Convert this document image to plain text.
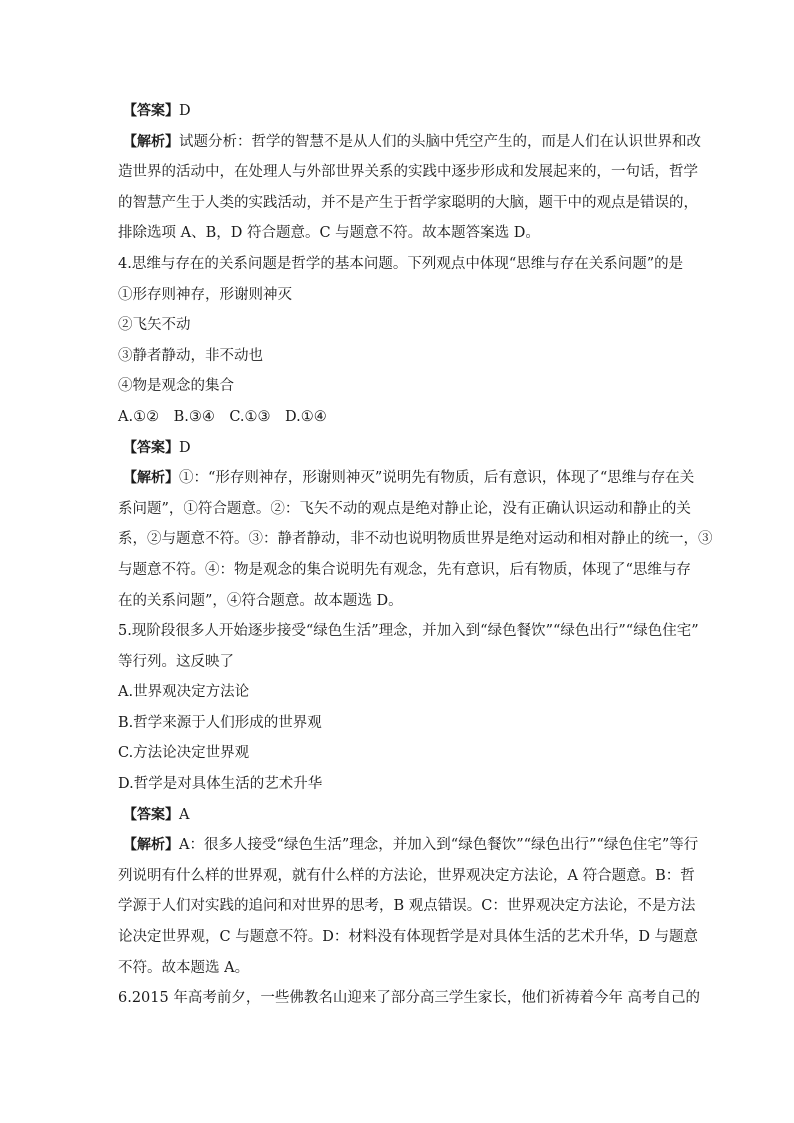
【答案】D
【解析】试题分析：哲学的智慧不是从人们的头脑中凭空产生的，而是人们在认识世界和改
造世界的活动中，在处理人与外部世界关系的实践中逐步形成和发展起来的，一句话，哲学
的智慧产生于人类的实践活动，并不是产生于哲学家聪明的大脑，题干中的观点是错误的，
排除选项 A、B，D 符合题意。C 与题意不符。故本题答案选 D。
4.思维与存在的关系问题是哲学的基本问题。下列观点中体现“思维与存在关系问题”的是
①形存则神存，形谢则神灭
②飞矢不动
③静者静动，非不动也
④物是观念的集合
A.①②　B.③④　C.①③　D.①④
【答案】D
【解析】①：“形存则神存，形谢则神灭”说明先有物质，后有意识，体现了“思维与存在关
系问题”，①符合题意。②：飞矢不动的观点是绝对静止论，没有正确认识运动和静止的关
系，②与题意不符。③：静者静动，非不动也说明物质世界是绝对运动和相对静止的统一，③
与题意不符。④：物是观念的集合说明先有观念，先有意识，后有物质，体现了“思维与存
在的关系问题”，④符合题意。故本题选 D。
5.现阶段很多人开始逐步接受“绿色生活”理念，并加入到“绿色餐饮”“绿色出行”“绿色住宅”
等行列。这反映了
A.世界观决定方法论
B.哲学来源于人们形成的世界观
C.方法论决定世界观
D.哲学是对具体生活的艺术升华
【答案】A
【解析】A：很多人接受“绿色生活”理念，并加入到“绿色餐饮”“绿色出行”“绿色住宅”等行
列说明有什么样的世界观，就有什么样的方法论，世界观决定方法论，A 符合题意。B：哲
学源于人们对实践的追问和对世界的思考，B 观点错误。C：世界观决定方法论，不是方法
论决定世界观，C 与题意不符。D：材料没有体现哲学是对具体生活的艺术升华，D 与题意
不符。故本题选 A。
6.2015 年高考前夕，一些佛教名山迎来了部分高三学生家长，他们祈祷着今年 高考自己的
